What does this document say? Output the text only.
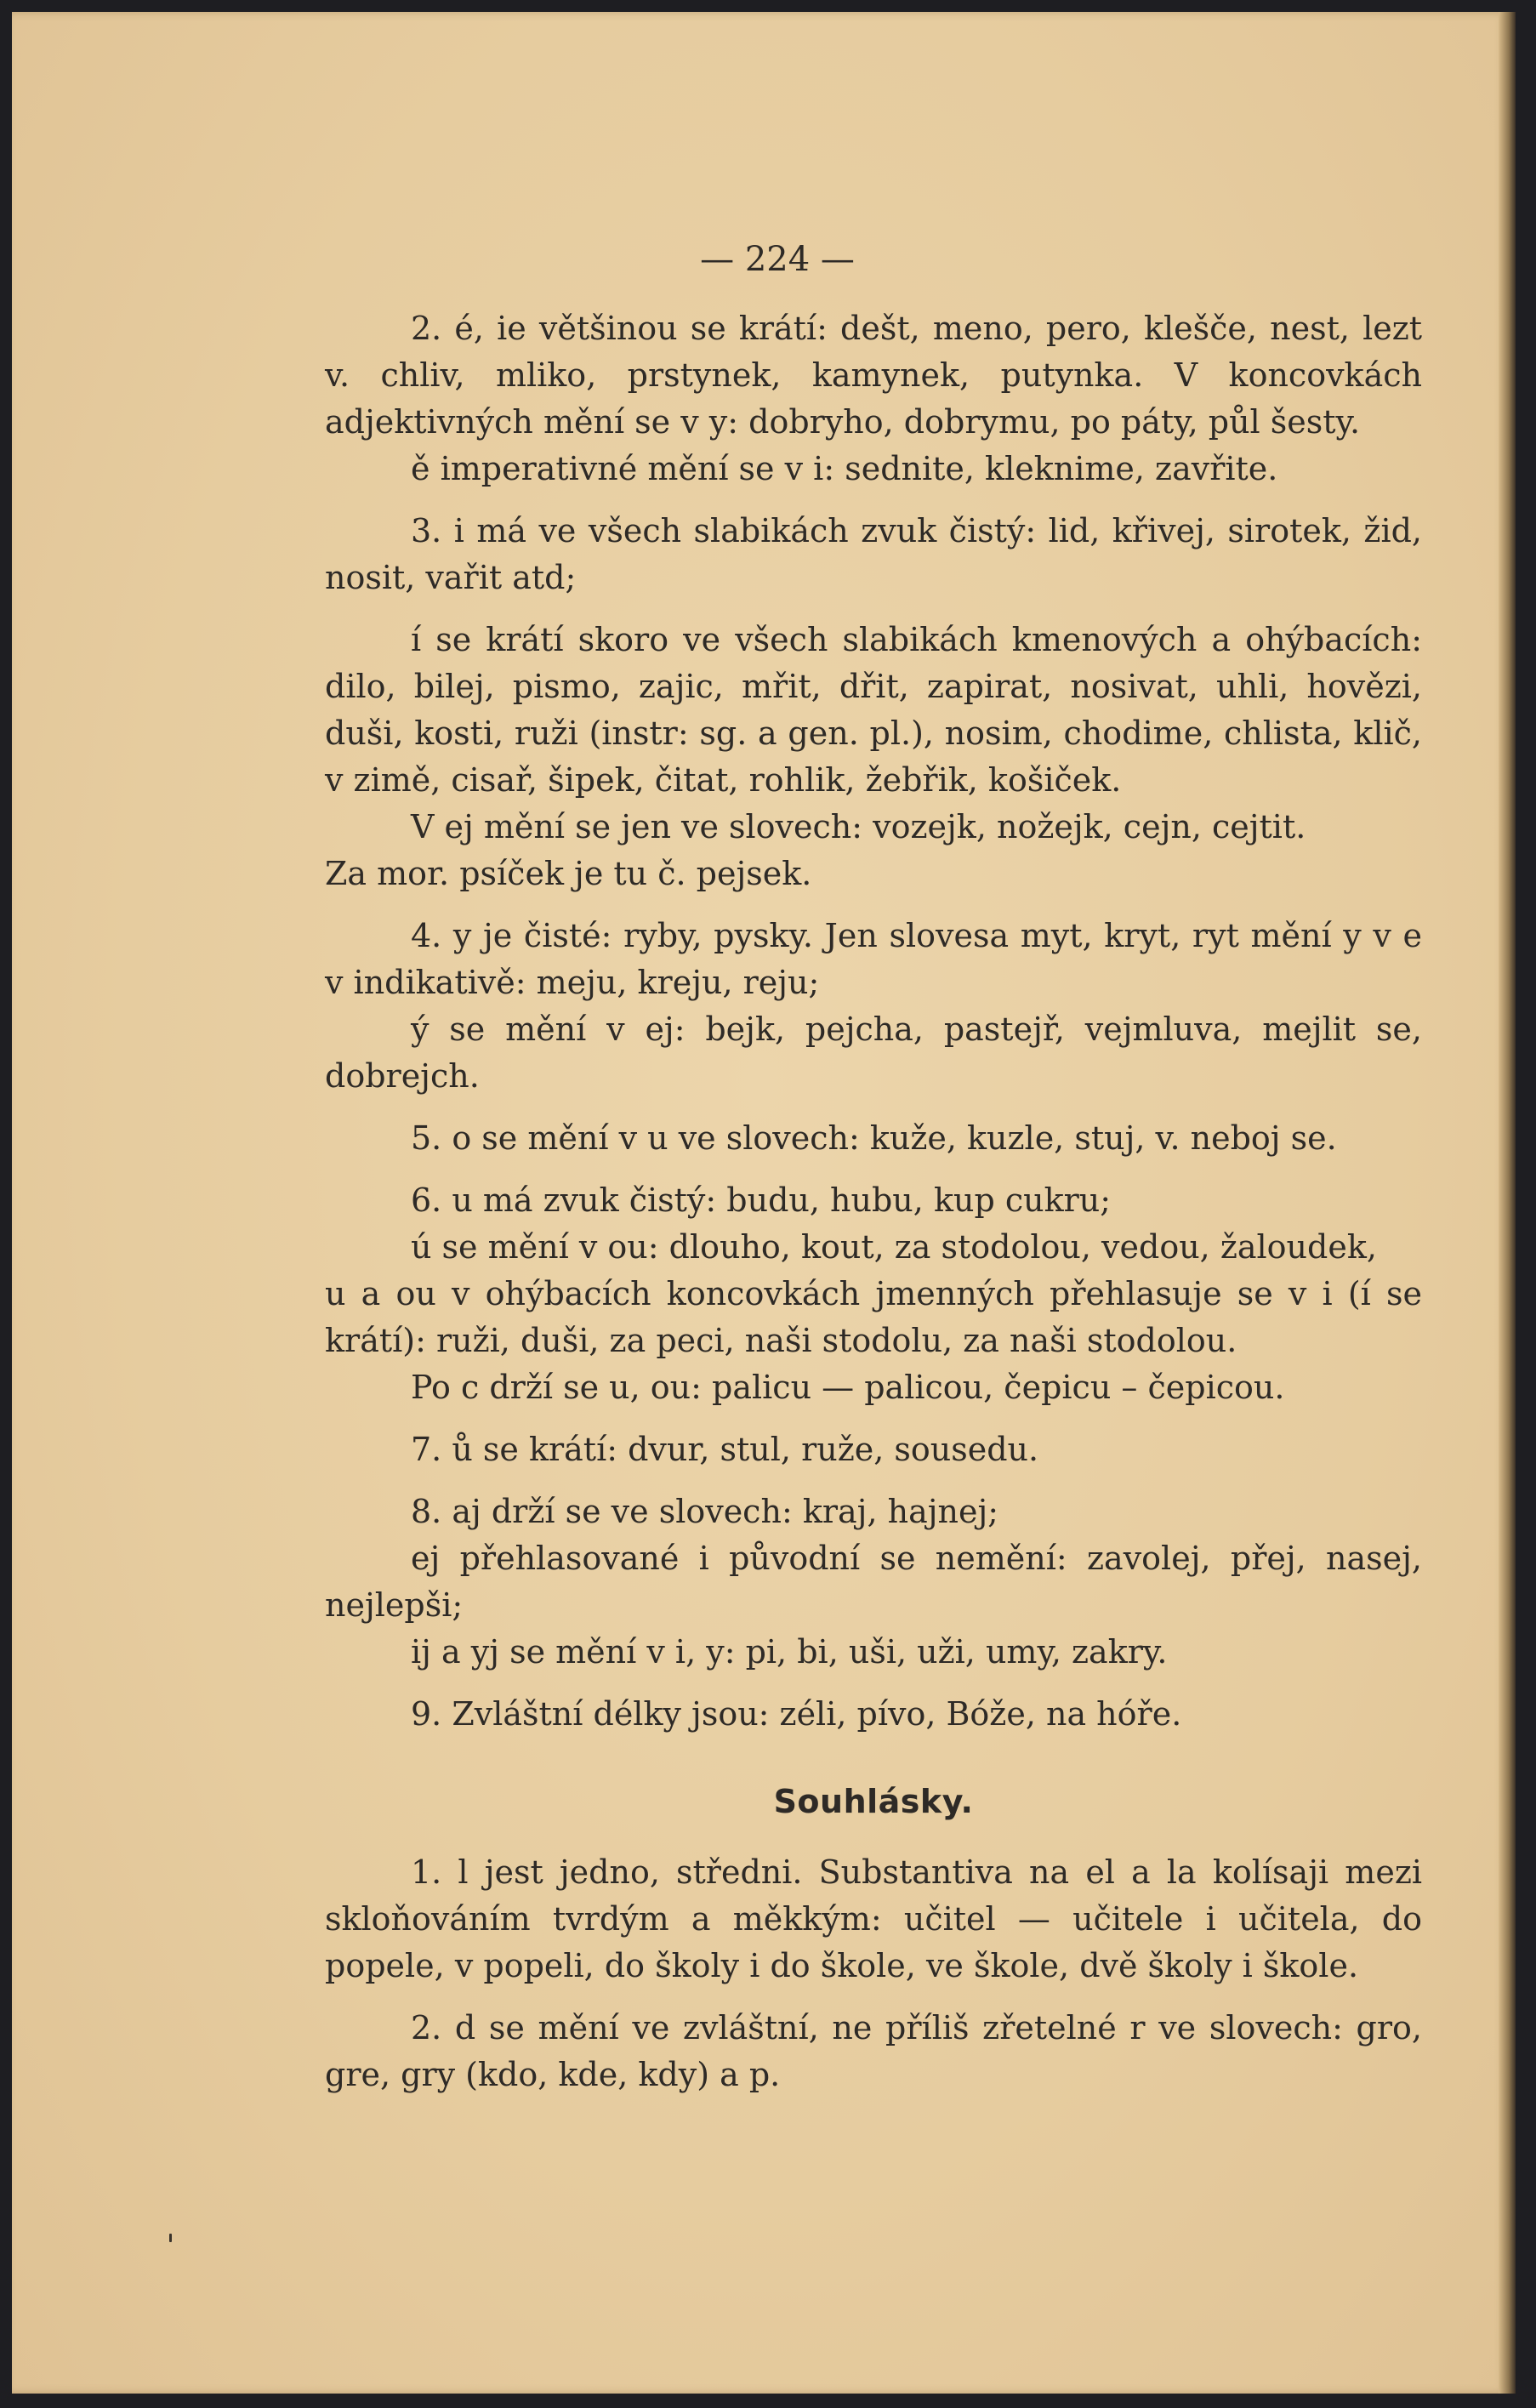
— 224 —

2. é, ie většinou se krátí: dešt, meno, pero, klešče, nest, lezt v. chliv, mliko, prstynek, kamynek, putynka. V koncovkách adjektivných mění se v y: dobryho, dobrymu, po páty, půl šesty.

ě imperativné mění se v i: sednite, kleknime, zavřite.

3. i má ve všech slabikách zvuk čistý: lid, křivej, sirotek, žid, nosit, vařit atd;

í se krátí skoro ve všech slabikách kmenových a ohýbacích: dilo, bilej, pismo, zajic, mřit, dřit, zapirat, nosivat, uhli, hovězi, duši, kosti, ruži (instr: sg. a gen. pl.), nosim, chodime, chlista, klič, v zimě, cisař, šipek, čitat, rohlik, žebřik, košiček.

V ej mění se jen ve slovech: vozejk, nožejk, cejn, cejtit.

Za mor. psíček je tu č. pejsek.

4. y je čisté: ryby, pysky. Jen slovesa myt, kryt, ryt mění y v e v indikativě: meju, kreju, reju;

ý se mění v ej: bejk, pejcha, pastejř, vejmluva, mejlit se, dobrejch.

5. o se mění v u ve slovech: kuže, kuzle, stuj, v. neboj se.

6. u má zvuk čistý: budu, hubu, kup cukru;

ú se mění v ou: dlouho, kout, za stodolou, vedou, žaloudek,

u a ou v ohýbacích koncovkách jmenných přehlasuje se v i (í se krátí): ruži, duši, za peci, naši stodolu, za naši stodolou.

Po c drží se u, ou: palicu — palicou, čepicu – čepicou.

7. ů se krátí: dvur, stul, ruže, sousedu.

8. aj drží se ve slovech: kraj, hajnej;

ej přehlasované i původní se nemění: zavolej, přej, nasej, nejlepši;

ij a yj se mění v i, y: pi, bi, uši, uži, umy, zakry.

9. Zvláštní délky jsou: zéli, pívo, Bóže, na hóře.

Souhlásky.

1. l jest jedno, středni. Substantiva na el a la kolísaji mezi skloňováním tvrdým a měkkým: učitel — učitele i učitela, do popele, v popeli, do školy i do škole, ve škole, dvě školy i škole.

2. d se mění ve zvláštní, ne příliš zřetelné r ve slovech: gro, gre, gry (kdo, kde, kdy) a p.
